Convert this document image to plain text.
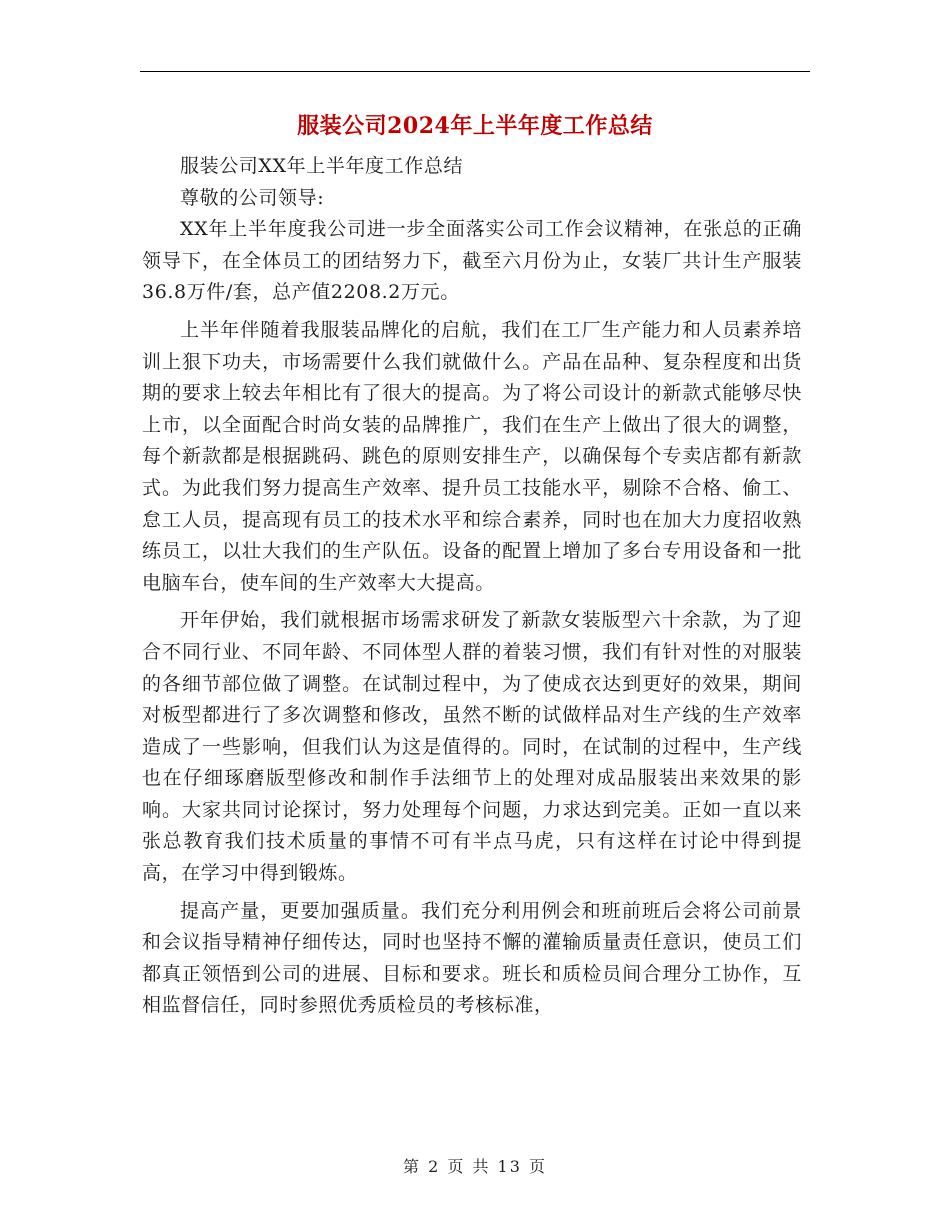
服装公司2024年上半年度工作总结

服装公司XX年上半年度工作总结

尊敬的公司领导:

XX年上半年度我公司进一步全面落实公司工作会议精神，在张总的正确领导下，在全体员工的团结努力下，截至六月份为止，女装厂共计生产服装36.8万件/套，总产值2208.2万元。

上半年伴随着我服装品牌化的启航，我们在工厂生产能力和人员素养培训上狠下功夫，市场需要什么我们就做什么。产品在品种、复杂程度和出货期的要求上较去年相比有了很大的提高。为了将公司设计的新款式能够尽快上市，以全面配合时尚女装的品牌推广，我们在生产上做出了很大的调整，每个新款都是根据跳码、跳色的原则安排生产，以确保每个专卖店都有新款式。为此我们努力提高生产效率、提升员工技能水平，剔除不合格、偷工、怠工人员，提高现有员工的技术水平和综合素养，同时也在加大力度招收熟练员工，以壮大我们的生产队伍。设备的配置上增加了多台专用设备和一批电脑车台，使车间的生产效率大大提高。

开年伊始，我们就根据市场需求研发了新款女装版型六十余款，为了迎合不同行业、不同年龄、不同体型人群的着装习惯，我们有针对性的对服装的各细节部位做了调整。在试制过程中，为了使成衣达到更好的效果，期间对板型都进行了多次调整和修改，虽然不断的试做样品对生产线的生产效率造成了一些影响，但我们认为这是值得的。同时，在试制的过程中，生产线也在仔细琢磨版型修改和制作手法细节上的处理对成品服装出来效果的影响。大家共同讨论探讨，努力处理每个问题，力求达到完美。正如一直以来张总教育我们技术质量的事情不可有半点马虎，只有这样在讨论中得到提高，在学习中得到锻炼。

提高产量，更要加强质量。我们充分利用例会和班前班后会将公司前景和会议指导精神仔细传达，同时也坚持不懈的灌输质量责任意识，使员工们都真正领悟到公司的进展、目标和要求。班长和质检员间合理分工协作，互相监督信任，同时参照优秀质检员的考核标准，

第 2 页 共 13 页
